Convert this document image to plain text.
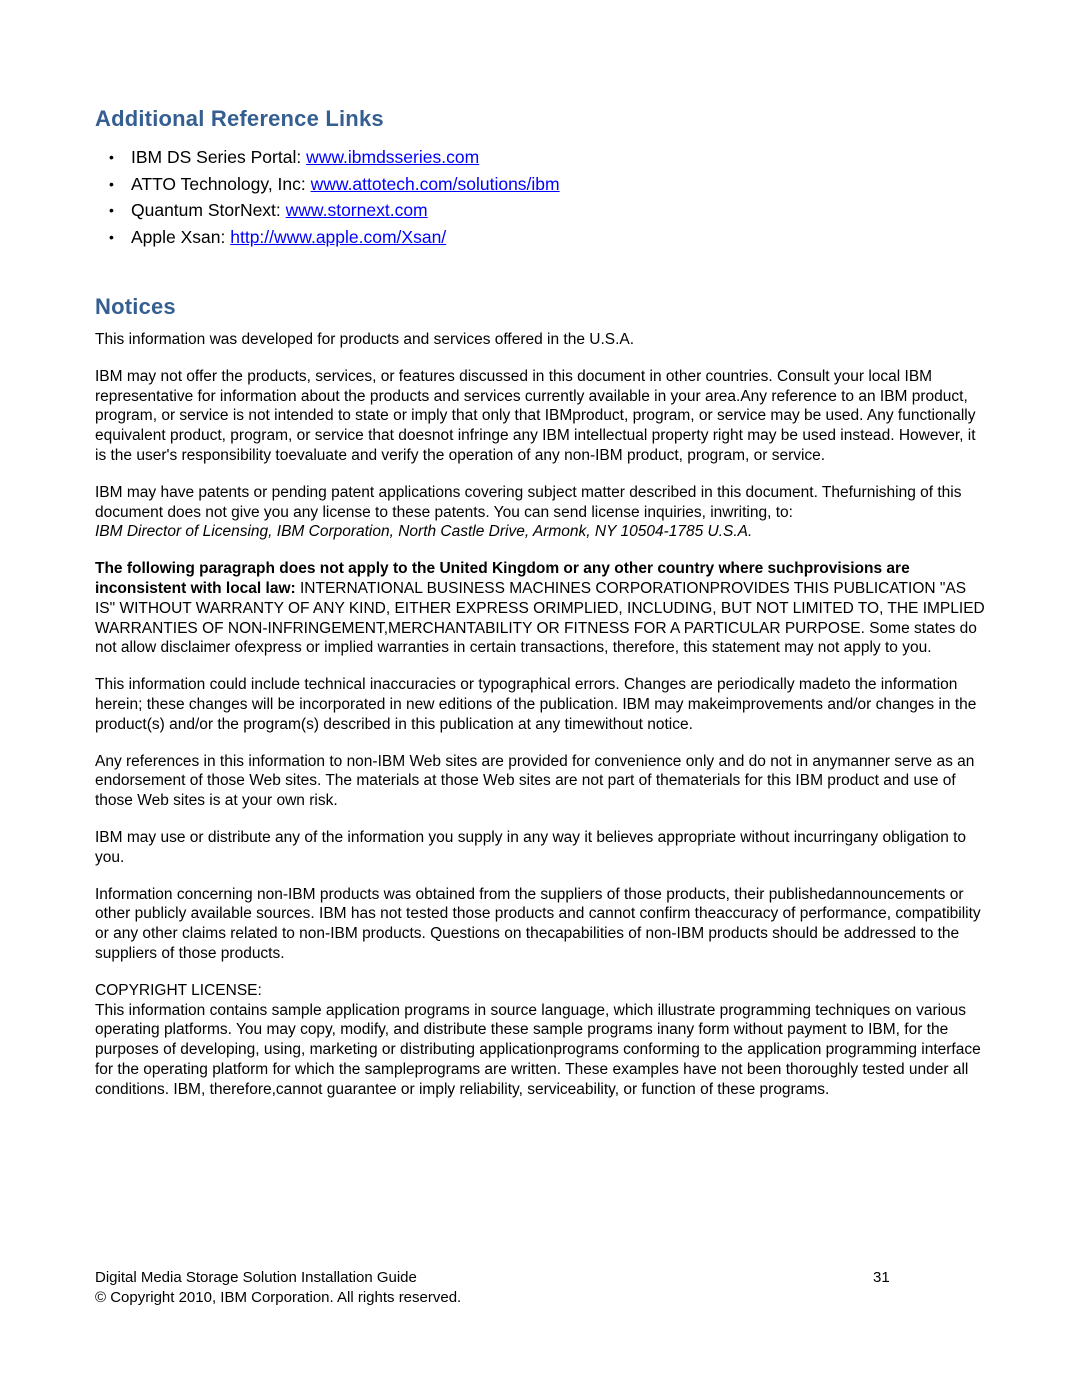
Additional Reference Links
• IBM DS Series Portal: www.ibmdsseries.com
• ATTO Technology, Inc: www.attotech.com/solutions/ibm
• Quantum StorNext: www.stornext.com
• Apple Xsan: http://www.apple.com/Xsan/
Notices

This information was developed for products and services offered in the U.S.A.

IBM may not offer the products, services, or features discussed in this document in other countries. Consult your local IBM representative for information about the products and services currently available in your area.Any reference to an IBM product, program, or service is not intended to state or imply that only that IBMproduct, program, or service may be used. Any functionally equivalent product, program, or service that doesnot infringe any IBM intellectual property right may be used instead. However, it is the user's responsibility toevaluate and verify the operation of any non-IBM product, program, or service.

IBM may have patents or pending patent applications covering subject matter described in this document. Thefurnishing of this document does not give you any license to these patents. You can send license inquiries, inwriting, to:

IBM Director of Licensing, IBM Corporation, North Castle Drive, Armonk, NY 10504-1785 U.S.A.

The following paragraph does not apply to the United Kingdom or any other country where suchprovisions are inconsistent with local law: INTERNATIONAL BUSINESS MACHINES CORPORATIONPROVIDES THIS PUBLICATION "AS IS" WITHOUT WARRANTY OF ANY KIND, EITHER EXPRESS ORIMPLIED, INCLUDING, BUT NOT LIMITED TO, THE IMPLIED WARRANTIES OF NON-INFRINGEMENT,MERCHANTABILITY OR FITNESS FOR A PARTICULAR PURPOSE. Some states do not allow disclaimer ofexpress or implied warranties in certain transactions, therefore, this statement may not apply to you.

This information could include technical inaccuracies or typographical errors. Changes are periodically madeto the information herein; these changes will be incorporated in new editions of the publication. IBM may makeimprovements and/or changes in the product(s) and/or the program(s) described in this publication at any timewithout notice.

Any references in this information to non-IBM Web sites are provided for convenience only and do not in anymanner serve as an endorsement of those Web sites. The materials at those Web sites are not part of thematerials for this IBM product and use of those Web sites is at your own risk.

IBM may use or distribute any of the information you supply in any way it believes appropriate without incurringany obligation to you.

Information concerning non-IBM products was obtained from the suppliers of those products, their publishedannouncements or other publicly available sources. IBM has not tested those products and cannot confirm theaccuracy of performance, compatibility or any other claims related to non-IBM products. Questions on thecapabilities of non-IBM products should be addressed to the suppliers of those products.

COPYRIGHT LICENSE:

This information contains sample application programs in source language, which illustrate programming techniques on various operating platforms. You may copy, modify, and distribute these sample programs inany form without payment to IBM, for the purposes of developing, using, marketing or distributing applicationprograms conforming to the application programming interface for the operating platform for which the sampleprograms are written. These examples have not been thoroughly tested under all conditions. IBM, therefore,cannot guarantee or imply reliability, serviceability, or function of these programs.

Digital Media Storage Solution Installation Guide
© Copyright 2010, IBM Corporation. All rights reserved.
31
